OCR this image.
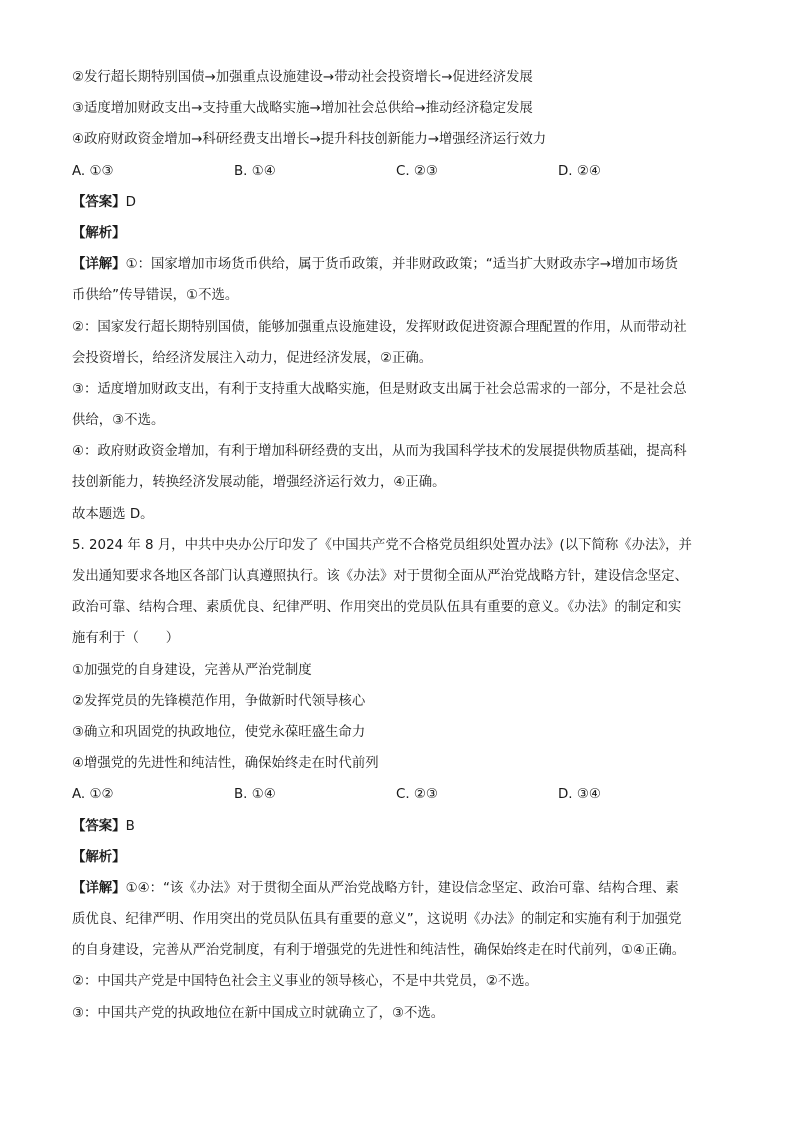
②发行超长期特别国债→加强重点设施建设→带动社会投资增长→促进经济发展
③适度增加财政支出→支持重大战略实施→增加社会总供给→推动经济稳定发展
④政府财政资金增加→科研经费支出增长→提升科技创新能力→增强经济运行效力
A. ①③	B. ①④	C. ②③	D. ②④
【答案】D
【解析】
【详解】①：国家增加市场货币供给，属于货币政策，并非财政政策；“适当扩大财政赤字→增加市场货
币供给”传导错误，①不选。
②：国家发行超长期特别国债，能够加强重点设施建设，发挥财政促进资源合理配置的作用，从而带动社
会投资增长，给经济发展注入动力，促进经济发展，②正确。
③：适度增加财政支出，有利于支持重大战略实施，但是财政支出属于社会总需求的一部分，不是社会总
供给，③不选。
④：政府财政资金增加，有利于增加科研经费的支出，从而为我国科学技术的发展提供物质基础，提高科
技创新能力，转换经济发展动能，增强经济运行效力，④正确。
故本题选 D。
5. 2024 年 8 月，中共中央办公厅印发了《中国共产党不合格党员组织处置办法》(以下简称《办法》，并
发出通知要求各地区各部门认真遵照执行。该《办法》对于贯彻全面从严治党战略方针，建设信念坚定、
政治可靠、结构合理、素质优良、纪律严明、作用突出的党员队伍具有重要的意义。《办法》的制定和实
施有利于（　　）
①加强党的自身建设，完善从严治党制度
②发挥党员的先锋模范作用，争做新时代领导核心
③确立和巩固党的执政地位，使党永葆旺盛生命力
④增强党的先进性和纯洁性，确保始终走在时代前列
A. ①②	B. ①④	C. ②③	D. ③④
【答案】B
【解析】
【详解】①④：“该《办法》对于贯彻全面从严治党战略方针，建设信念坚定、政治可靠、结构合理、素
质优良、纪律严明、作用突出的党员队伍具有重要的意义”，这说明《办法》的制定和实施有利于加强党
的自身建设，完善从严治党制度，有利于增强党的先进性和纯洁性，确保始终走在时代前列，①④正确。
②：中国共产党是中国特色社会主义事业的领导核心，不是中共党员，②不选。
③：中国共产党的执政地位在新中国成立时就确立了，③不选。
